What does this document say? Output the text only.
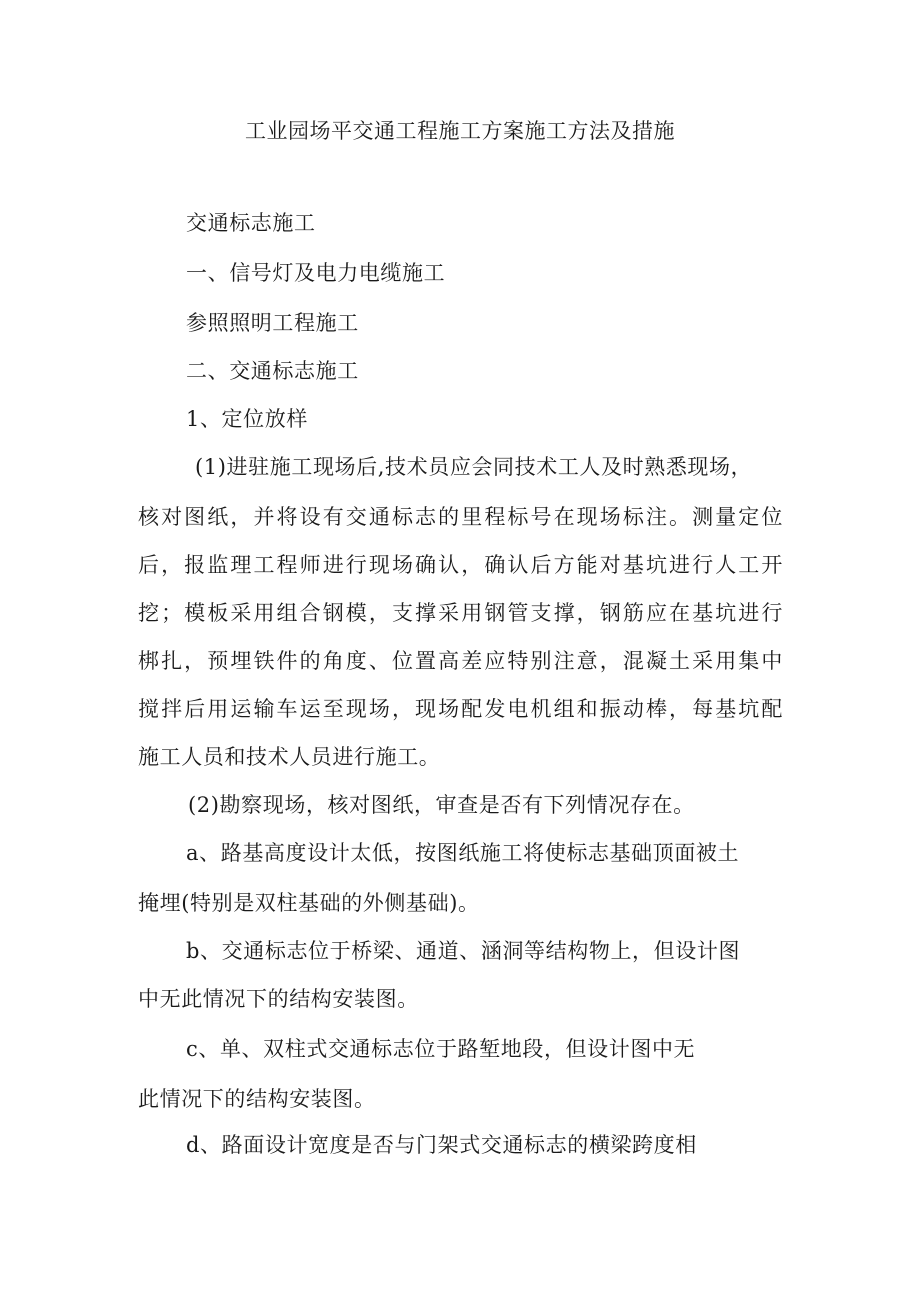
工业园场平交通工程施工方案施工方法及措施
交通标志施工
一、信号灯及电力电缆施工
参照照明工程施工
二、交通标志施工
1、定位放样
(1)进驻施工现场后,技术员应会同技术工人及时熟悉现场，
核对图纸，并将设有交通标志的里程标号在现场标注。测量定位
后，报监理工程师进行现场确认，确认后方能对基坑进行人工开
挖；模板采用组合钢模，支撑采用钢管支撑，钢筋应在基坑进行
梆扎，预埋铁件的角度、位置高差应特别注意，混凝土采用集中
搅拌后用运输车运至现场，现场配发电机组和振动棒，每基坑配
施工人员和技术人员进行施工。
(2)勘察现场，核对图纸，审查是否有下列情况存在。
a、路基高度设计太低，按图纸施工将使标志基础顶面被土
掩埋(特别是双柱基础的外侧基础)。
b、交通标志位于桥梁、通道、涵洞等结构物上，但设计图
中无此情况下的结构安装图。
c、单、双柱式交通标志位于路堑地段，但设计图中无
此情况下的结构安装图。
d、路面设计宽度是否与门架式交通标志的横梁跨度相
